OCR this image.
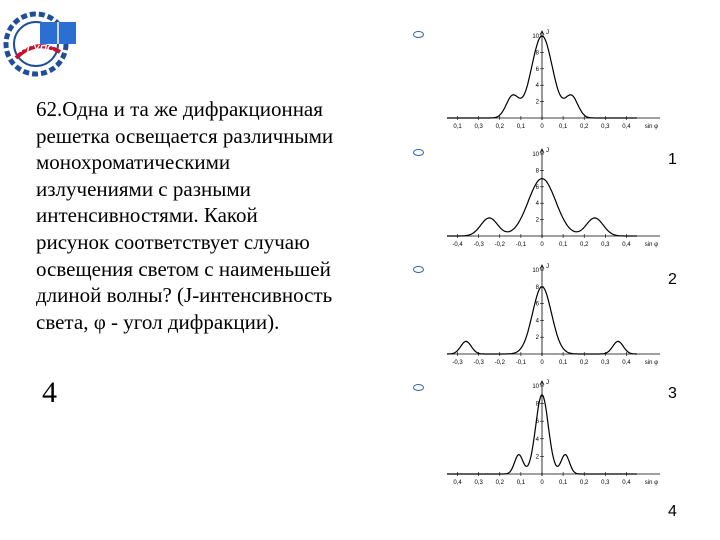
РГУПС
62.Одна и та же дифракционная
решетка освещается различными
монохроматическими
излучениями с разными
интенсивностями. Какой
рисунок соответствует случаю
освещения светом с наименьшей
длиной волны? (J-интенсивность
света, φ - угол дифракции).
4
1
2
3
4
2
4
6
8
10
0,1 0,3 0,2 0,1	0	0,1 0,2 0,3 0,4
J
sin φ
2
4
6
8
10
-0,4 -0,3 -0,2 -0,1 0	0,1 0,2 0,3 0,4
J
sin φ
2
4
6
8
10
-0,3 -0,3 -0,2 -0,1 0	0,1 0,2 0,3 0,4
J
sin φ
2
4
6
8
10
0,4 0,3 0,2 0,1	0	0,1 0,2 0,3 0,4
J
sin φ
